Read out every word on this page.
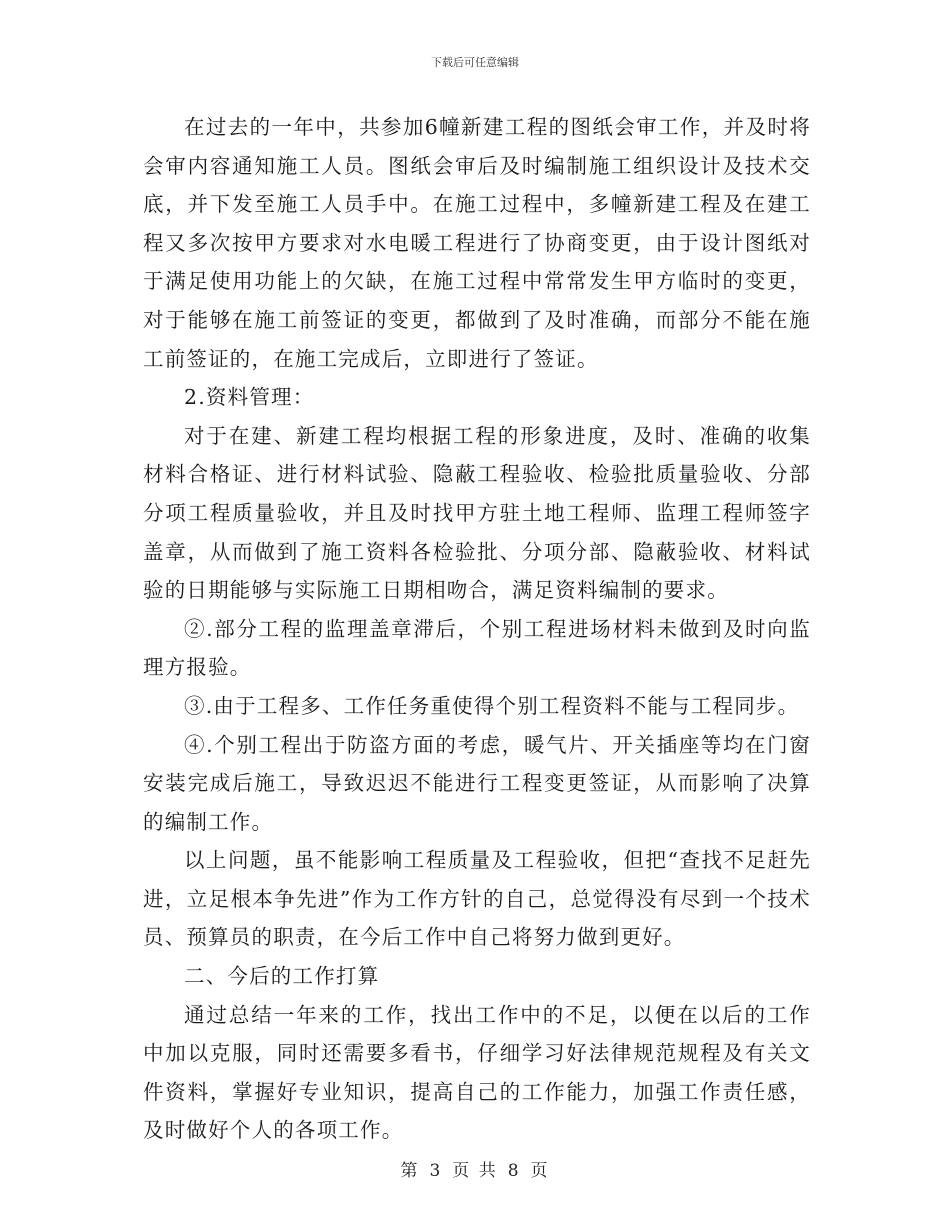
下载后可任意编辑

在过去的一年中，共参加6幢新建工程的图纸会审工作，并及时将会审内容通知施工人员。图纸会审后及时编制施工组织设计及技术交底，并下发至施工人员手中。在施工过程中，多幢新建工程及在建工程又多次按甲方要求对水电暖工程进行了协商变更，由于设计图纸对于满足使用功能上的欠缺，在施工过程中常常发生甲方临时的变更，对于能够在施工前签证的变更，都做到了及时准确，而部分不能在施工前签证的，在施工完成后，立即进行了签证。

2.资料管理：

对于在建、新建工程均根据工程的形象进度，及时、准确的收集材料合格证、进行材料试验、隐蔽工程验收、检验批质量验收、分部分项工程质量验收，并且及时找甲方驻土地工程师、监理工程师签字盖章，从而做到了施工资料各检验批、分项分部、隐蔽验收、材料试验的日期能够与实际施工日期相吻合，满足资料编制的要求。

②.部分工程的监理盖章滞后，个别工程进场材料未做到及时向监理方报验。

③.由于工程多、工作任务重使得个别工程资料不能与工程同步。

④.个别工程出于防盗方面的考虑，暖气片、开关插座等均在门窗安装完成后施工，导致迟迟不能进行工程变更签证，从而影响了决算的编制工作。

以上问题，虽不能影响工程质量及工程验收，但把“查找不足赶先进，立足根本争先进”作为工作方针的自己，总觉得没有尽到一个技术员、预算员的职责，在今后工作中自己将努力做到更好。

二、今后的工作打算

通过总结一年来的工作，找出工作中的不足，以便在以后的工作中加以克服，同时还需要多看书，仔细学习好法律规范规程及有关文件资料，掌握好专业知识，提高自己的工作能力，加强工作责任感，及时做好个人的各项工作。

第 3 页 共 8 页
